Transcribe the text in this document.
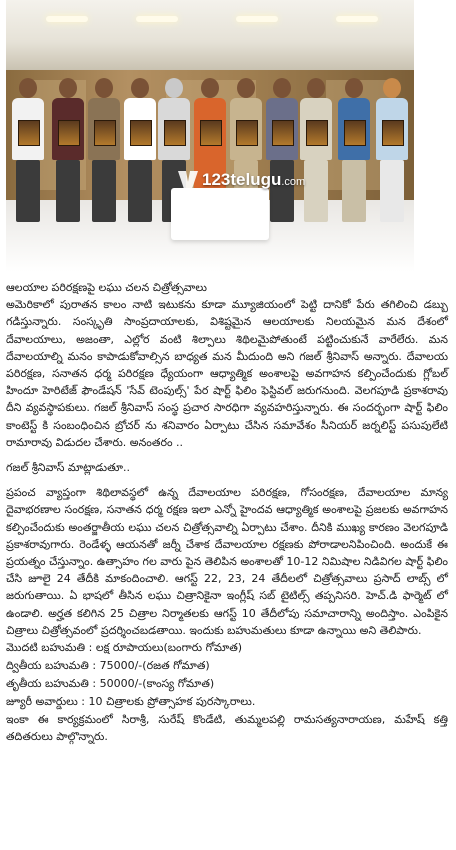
123telugu.com

ఆలయాల పరిరక్షణపై లఘు చలన చిత్రోత్సవాలు

అమెరికాలో పురాతన కాలం నాటి ఇటుకను కూడా మ్యూజియంలో పెట్టి దానికో పేరు తగిలించి డబ్బు గడిస్తున్నారు. సంస్కృతి సాంప్రదాయాలకు, విశిష్టమైన ఆలయాలకు నిలయమైన మన దేశంలో దేవాలయాలు, అజంతా, ఎల్లోర వంటి శిల్పాలు శిథిలమైపోతుంటే పట్టించుకునే వారేలేరు. మన దేవాలయాల్ని మనం కాపాడుకోవాల్సిన బాధ్యత మన మీదుంది అని గజల్ శ్రీనివాస్ అన్నారు. దేవాలయ పరిరక్షణ, సనాతన ధర్మ పరిరక్షణ ధ్యేయంగా ఆధ్యాత్మిక అంశాలపై అవగాహన కల్పించేందుకు గ్లోబల్ హిందూ హెరిటేజ్ ఫౌండేషన్ 'సేవ్ టెంపుల్స్' పేర షార్ట్ ఫిలిం ఫెస్టివల్ జరుగనుంది. వెలగపూడి ప్రకాశరావు దీని వ్యవస్థాపకులు. గజల్ శ్రీనివాస్ సంస్థ ప్రచార సారధిగా వ్యవహరిస్తున్నారు. ఈ సందర్భంగా షార్ట్ ఫిలిం కాంటెస్ట్ కి సంబంధించిన బ్రోచర్ ను శనివారం ఏర్పాటు చేసిన సమావేశం సీనియర్ జర్నలిస్ట్ పసుపులేటి రామారావు విడుదల చేశారు. అనంతరం ..

గజల్ శ్రీనివాస్ మాట్లాడుతూ..

ప్రపంచ వ్యాప్తంగా శిథిలావస్థలో ఉన్న దేవాలయాల పరిరక్షణ, గోసంరక్షణ, దేవాలయాల మాన్య దైవాభరణాల సంరక్షణ, సనాతన ధర్మ రక్షణ ఇలా ఎన్నో హైందవ ఆధ్యాత్మిక అంశాలపై ప్రజలకు అవగాహన కల్పించేందుకు అంతర్జాతీయ లఘు చలన చిత్రోత్సవాల్ని ఏర్పాటు చేశాం. దీనికి ముఖ్య కారణం వెలగపూడి ప్రకాశరావుగారు. రెండేళ్ళ ఆయనతో జర్నీ చేశాక దేవాలయాల రక్షణకు పోరాడాలనిపించింది. అందుకే ఈ ప్రయత్నం చేస్తున్నాం. ఉత్సాహం గల వారు పైన తెలిపిన అంశాలతో 10-12 నిమిషాల నిడివిగల షార్ట్ ఫిలిం చేసి జూలై 24 తేదీకి మాకందించాలి. ఆగస్ట్ 22, 23, 24 తేదీలలో చిత్రోత్సవాలు ప్రసాద్ లాబ్స్ లో జరుగుతాయి. ఏ భాషలో తీసిన లఘు చిత్రానికైనా ఇంగ్లీష్ సబ్ టైటిల్స్ తప్పనిసరి. హెచ్.డి ఫార్మెట్ లో ఉండాలి. అర్హత కలిగిన 25 చిత్రాల నిర్మాతలకు ఆగస్ట్ 10 తేదీలోపు సమాచారాన్ని అందిస్తాం. ఎంపికైన చిత్రాలు చిత్రోత్సవంలో ప్రదర్శించబడతాయి. ఇందుకు బహుమతులు కూడా ఉన్నాయి అని తెలిపారు.

మొదటి బహుమతి : లక్ష రూపాయలు(బంగారు గోమాత)

ద్వితీయ బహుమతి : 75000/-(రజత గోమాత)

తృతీయ బహుమతి : 50000/-(కాంస్య గోమాత)

జ్యూరీ అవార్డులు : 10 చిత్రాలకు ప్రోత్సాహక పురస్కారాలు.

ఇంకా ఈ కార్యక్రమంలో సిరాశ్రీ, సురేష్ కొండేటి, తుమ్మలపల్లి రామసత్యనారాయణ, మహేష్ కత్తి తదితరులు పాల్గొన్నారు.
